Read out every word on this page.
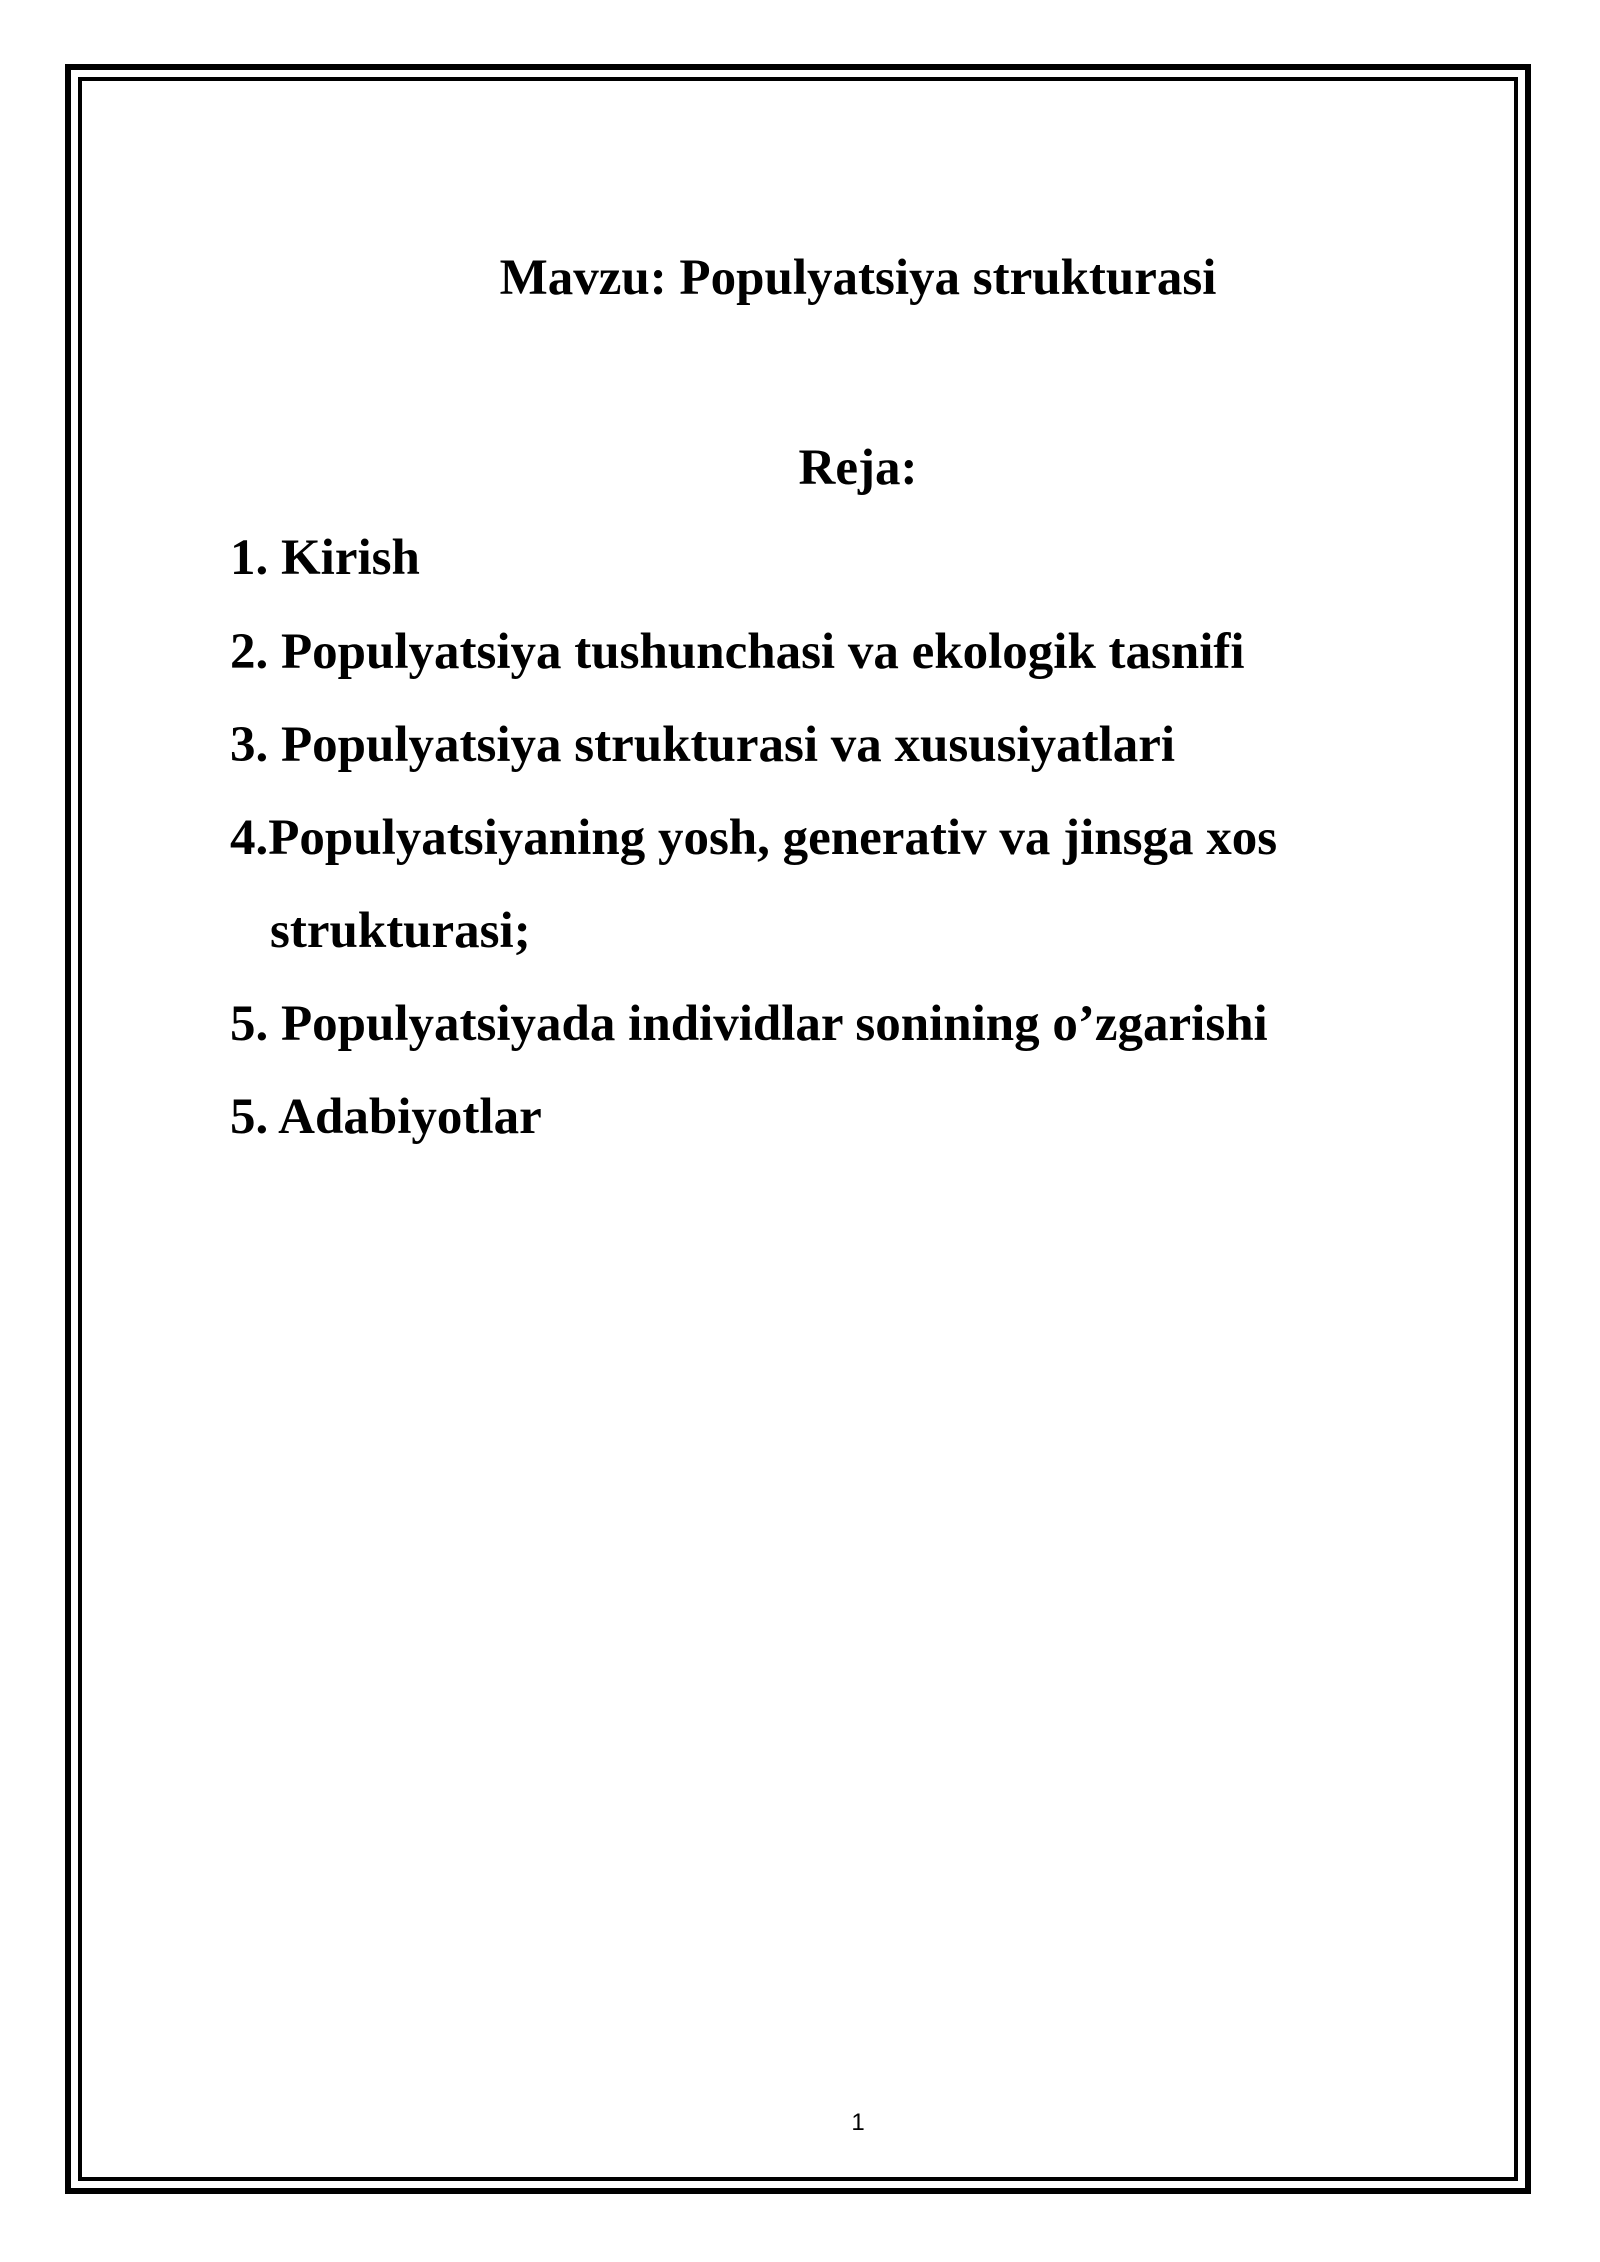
Mavzu: Populyatsiya strukturasi
Reja:
1. Kirish
2. Populyatsiya tushunchasi va ekologik tasnifi
3. Populyatsiya strukturasi va xususiyatlari
4.Populyatsiyaning yosh, generativ va jinsga xos
strukturasi;
5. Populyatsiyada individlar sonining o’zgarishi
5. Adabiyotlar
1
